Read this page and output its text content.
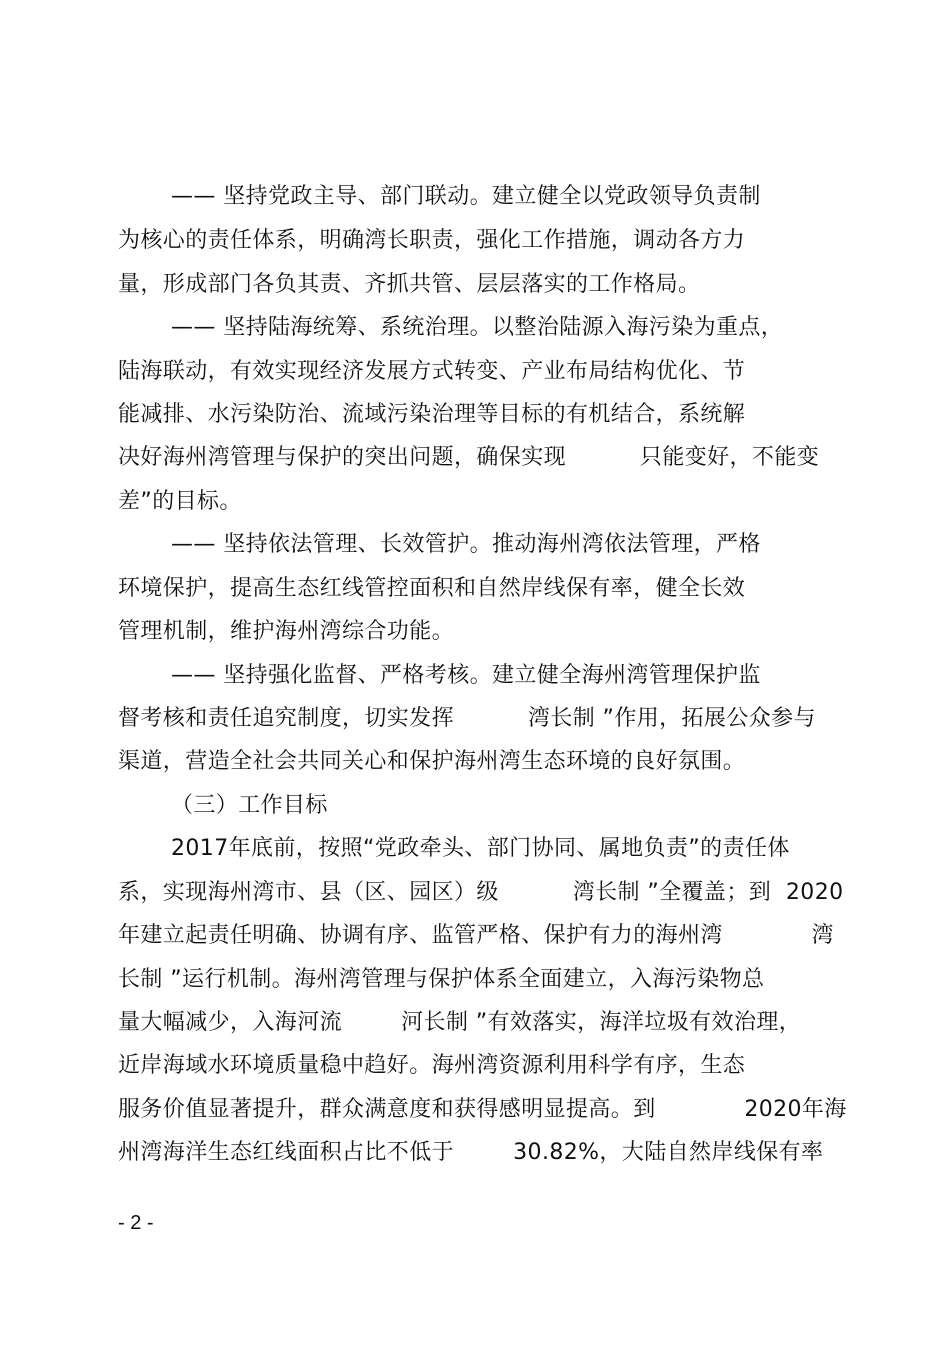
—— 坚持党政主导、部门联动。建立健全以党政领导负责制
为核心的责任体系，明确湾长职责，强化工作措施，调动各方力
量，形成部门各负其责、齐抓共管、层层落实的工作格局。
—— 坚持陆海统筹、系统治理。以整治陆源入海污染为重点，
陆海联动，有效实现经济发展方式转变、产业布局结构优化、节
能减排、水污染防治、流域污染治理等目标的有机结合，系统解
决好海州湾管理与保护的突出问题，确保实现          只能变好，不能变
差”的目标。
—— 坚持依法管理、长效管护。推动海州湾依法管理，严格
环境保护，提高生态红线管控面积和自然岸线保有率，健全长效
管理机制，维护海州湾综合功能。
—— 坚持强化监督、严格考核。建立健全海州湾管理保护监
督考核和责任追究制度，切实发挥          湾长制 ”作用，拓展公众参与
渠道，营造全社会共同关心和保护海州湾生态环境的良好氛围。
（三）工作目标
2017年底前，按照“党政牵头、部门协同、属地负责”的责任体
系，实现海州湾市、县（区、园区）级          湾长制 ”全覆盖；到  2020
年建立起责任明确、协调有序、监管严格、保护有力的海州湾            湾
长制 ”运行机制。海州湾管理与保护体系全面建立，入海污染物总
量大幅减少，入海河流        河长制 ”有效落实，海洋垃圾有效治理，
近岸海域水环境质量稳中趋好。海州湾资源利用科学有序，生态
服务价值显著提升，群众满意度和获得感明显提高。到            2020年海
州湾海洋生态红线面积占比不低于        30.82%，大陆自然岸线保有率
- 2 -
